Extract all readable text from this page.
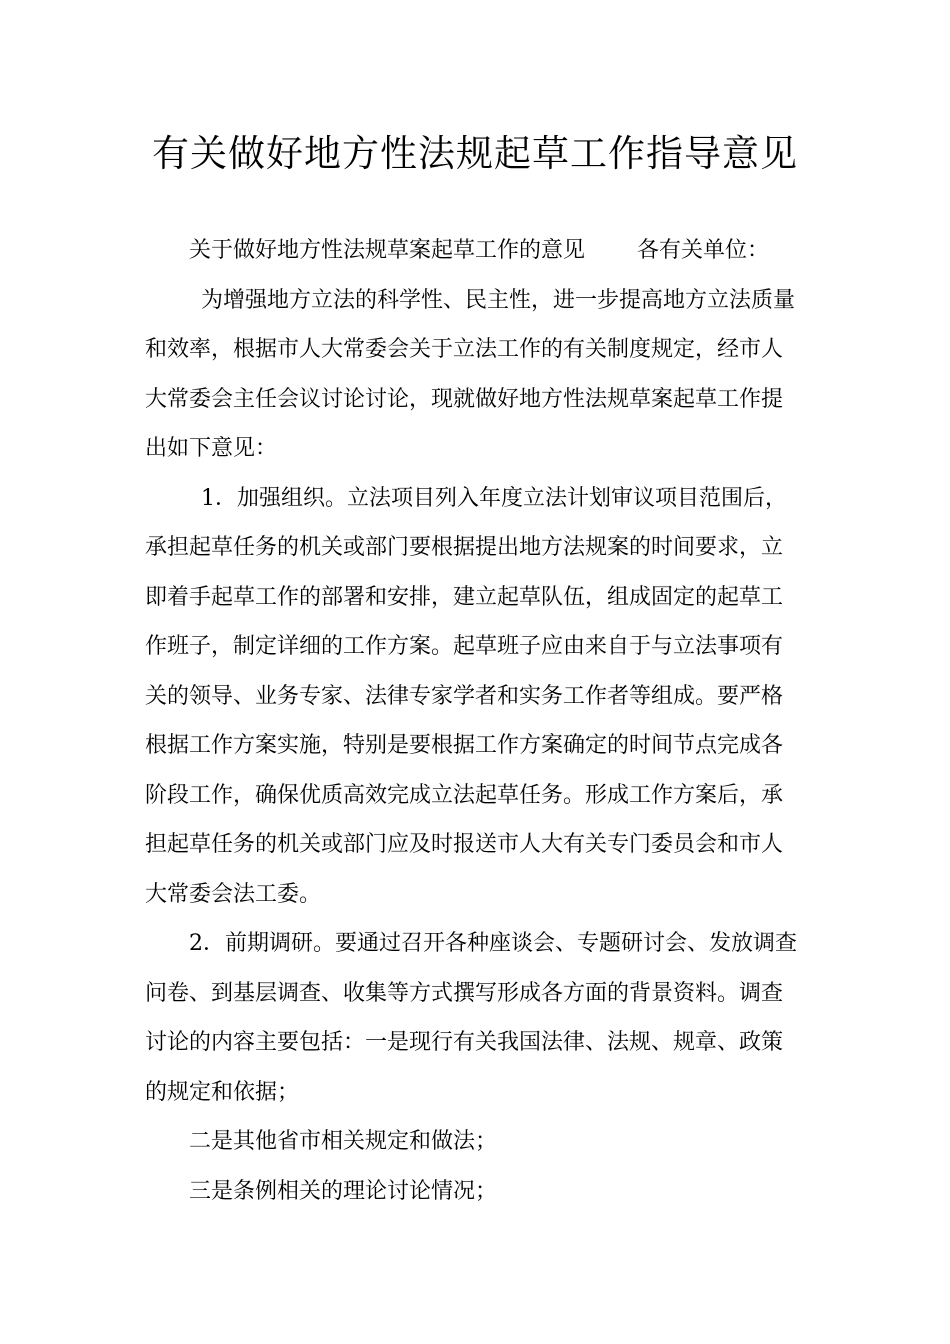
有关做好地方性法规起草工作指导意见

关于做好地方性法规草案起草工作的意见 各有关单位：

为增强地方立法的科学性、民主性，进一步提高地方立法质量
和效率，根据市人大常委会关于立法工作的有关制度规定，经市人
大常委会主任会议讨论讨论，现就做好地方性法规草案起草工作提
出如下意见：

1．加强组织。立法项目列入年度立法计划审议项目范围后，
承担起草任务的机关或部门要根据提出地方法规案的时间要求，立
即着手起草工作的部署和安排，建立起草队伍，组成固定的起草工
作班子，制定详细的工作方案。起草班子应由来自于与立法事项有
关的领导、业务专家、法律专家学者和实务工作者等组成。要严格
根据工作方案实施，特别是要根据工作方案确定的时间节点完成各
阶段工作，确保优质高效完成立法起草任务。形成工作方案后，承
担起草任务的机关或部门应及时报送市人大有关专门委员会和市人
大常委会法工委。

2．前期调研。要通过召开各种座谈会、专题研讨会、发放调查
问卷、到基层调查、收集等方式撰写形成各方面的背景资料。调查
讨论的内容主要包括：一是现行有关我国法律、法规、规章、政策
的规定和依据；

二是其他省市相关规定和做法；

三是条例相关的理论讨论情况；
